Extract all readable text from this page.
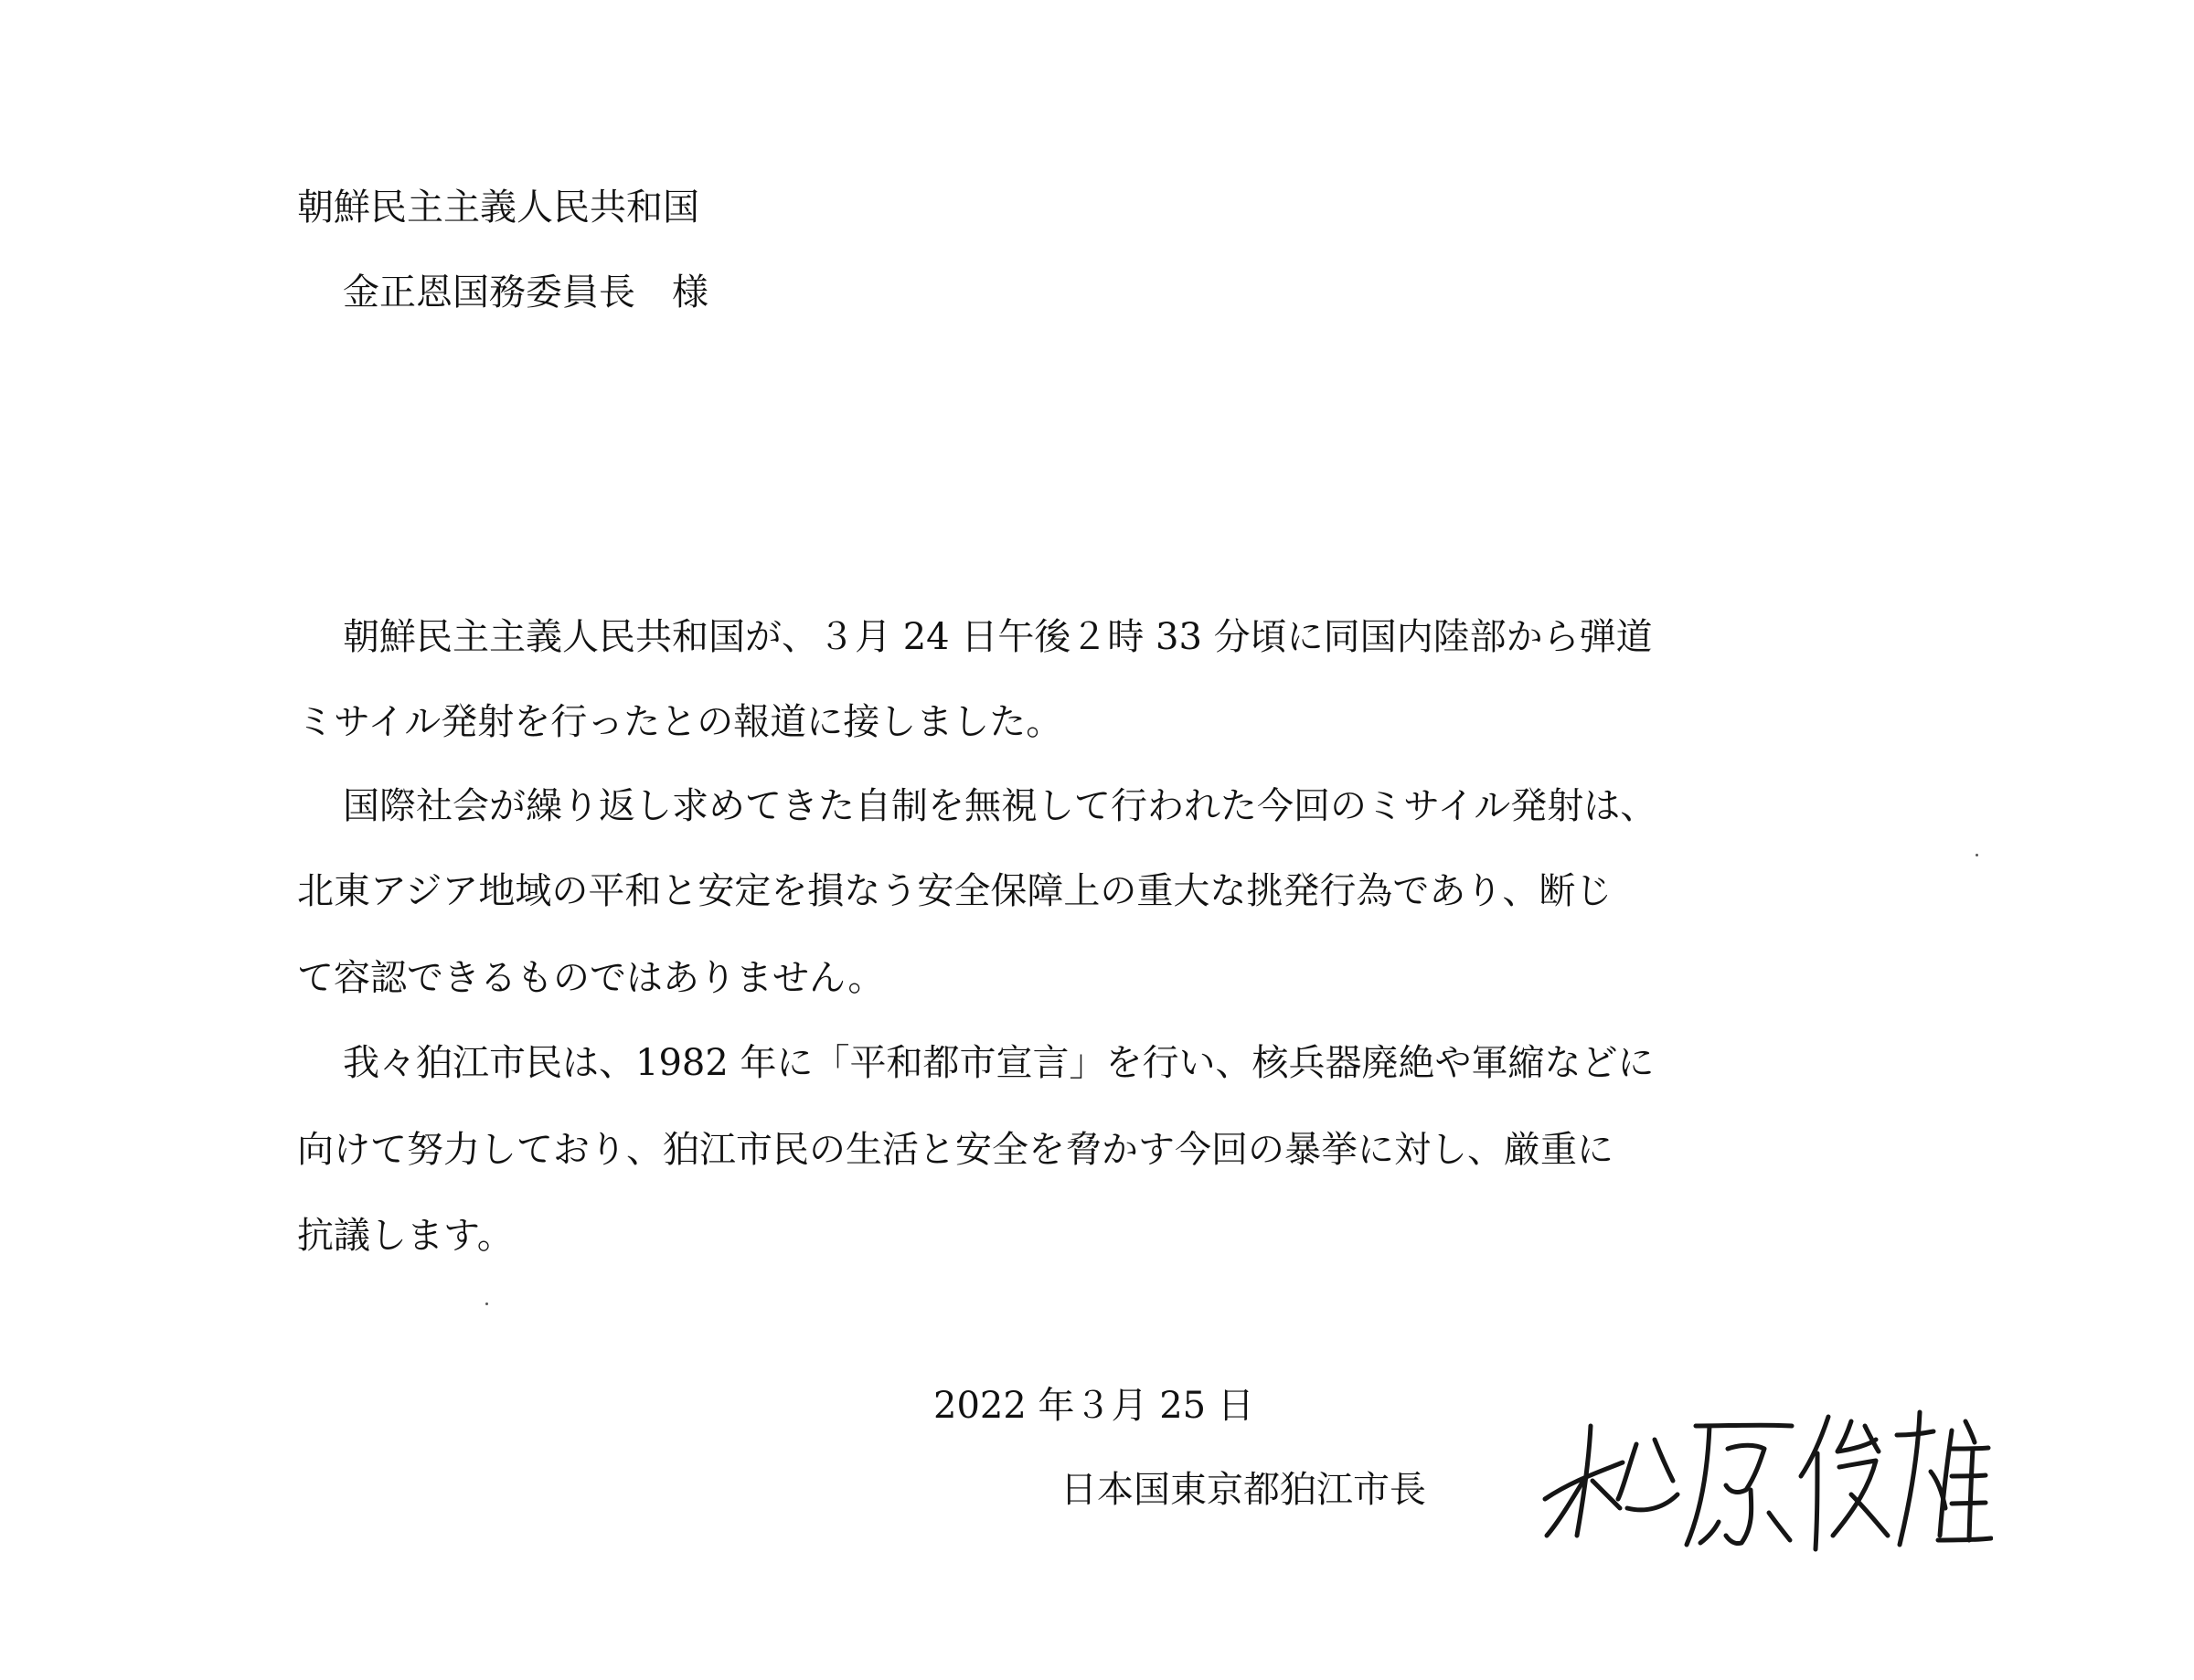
朝鮮民主主義人民共和国

金正恩国務委員長　様

朝鮮民主主義人民共和国が、３月 24 日午後２時 33 分頃に同国内陸部から弾道

ミサイル発射を行ったとの報道に接しました。

国際社会が繰り返し求めてきた自制を無視して行われた今回のミサイル発射は、

北東アジア地域の平和と安定を損なう安全保障上の重大な挑発行為であり、断じ

て容認できるものではありません。

我々狛江市民は、1982 年に「平和都市宣言」を行い、核兵器廃絶や軍縮などに

向けて努力しており、狛江市民の生活と安全を脅かす今回の暴挙に対し、厳重に

抗議します。

2022 年３月 25 日

日本国東京都狛江市長
